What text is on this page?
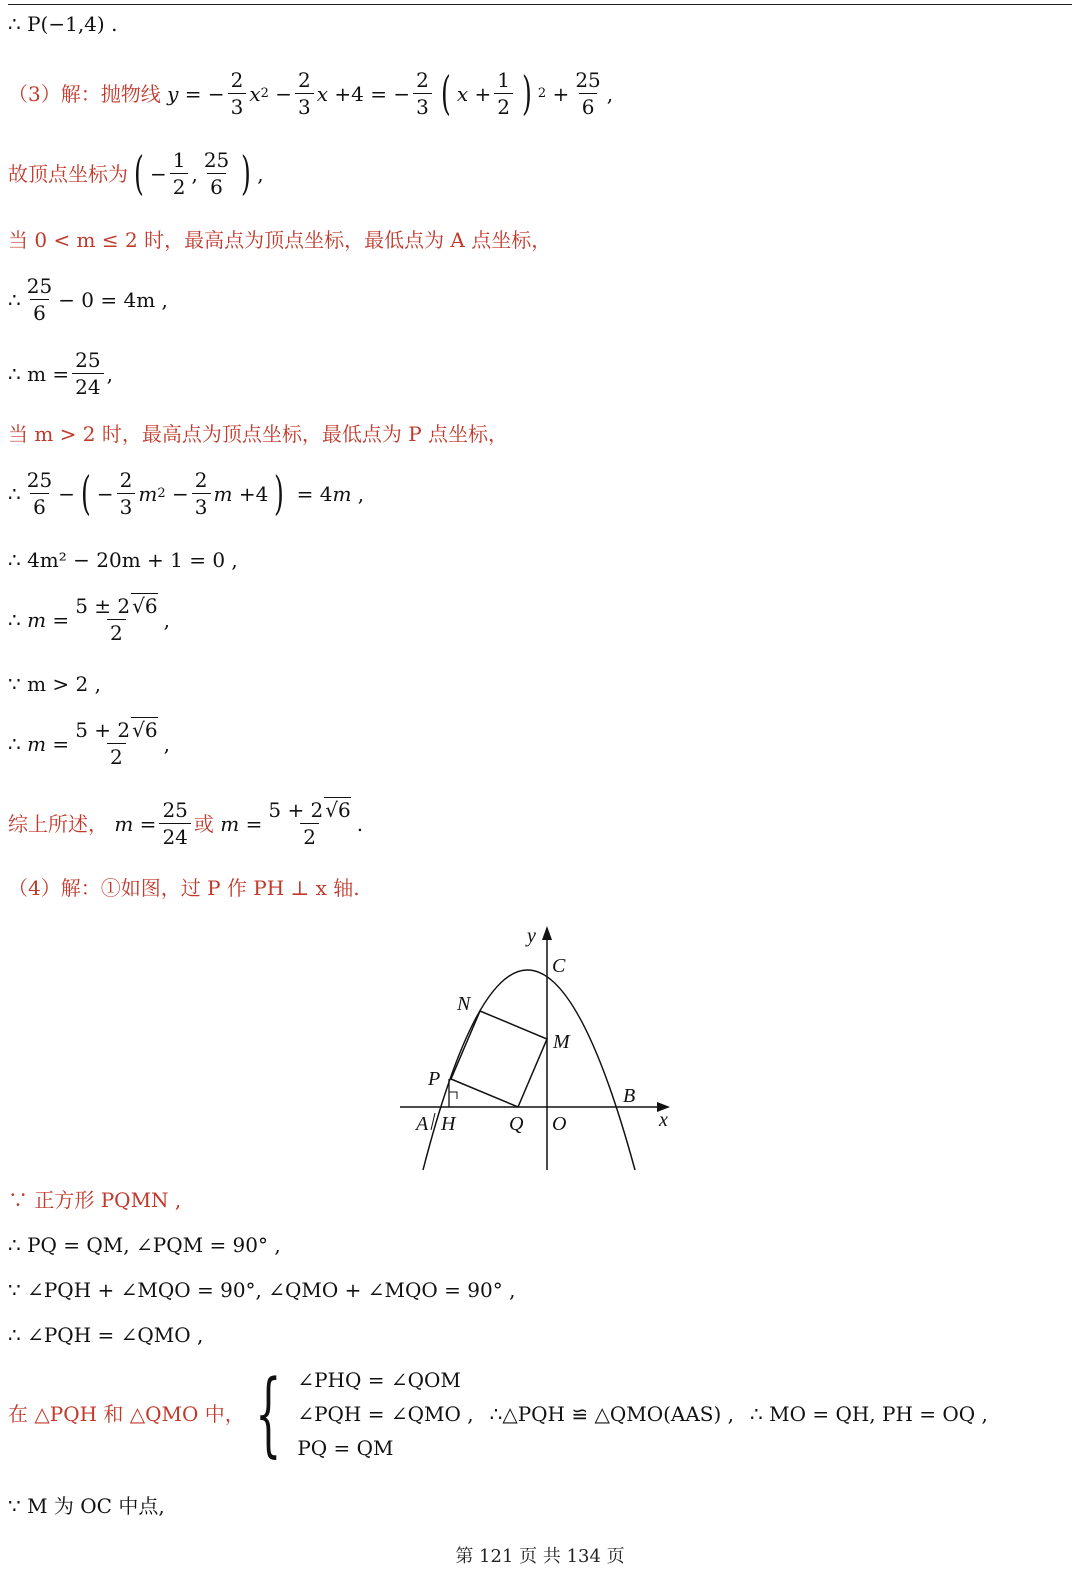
∴ P(−1,4) .
（3）解：抛物线 y = − $\frac{2}{3}$ x $2 - \frac{2}{3}$ x +4 = − $\frac{2}{3}$ ( $x + \frac{1}{2}$ ) $2 + \frac{25}{6}$ ,
故顶点坐标为 ( − $\frac{1}{2}$ , $\frac{25}{6}$ ) ,
当 0 < m ≤ 2 时，最高点为顶点坐标，最低点为 A 点坐标，
∴ $\frac{25}{6} - 0 = 4m$ ,
∴ $m = \frac{25}{24}$ ,
当 m > 2 时，最高点为顶点坐标，最低点为 P 点坐标，
∴ $\frac{25}{6}$ − ( − $\frac{2}{3}$ m $2 - \frac{2}{3}$ m +4 ) = 4 m ,
∴ 4m² − 20m + 1 = 0 ,
∴ $m = \frac{5 \pm 2 √6}{2}$ ,
∵ m > 2 ,
∴ $m = \frac{5 + 2 √6}{2}$ ,
综上所述， $m = \frac{25}{24}$ 或 $m = \frac{5 + 2 √6}{2}$ .
（4）解：①如图，过 P 作 PH ⊥ x 轴.
y
x
C
N
M
P
B
A H	Q O
∵ 正方形 PQMN ,
∴ PQ = QM, ∠PQM = 90° ,
∵ ∠PQH + ∠MQO = 90°, ∠QMO + ∠MQO = 90° ,
∴ ∠PQH = ∠QMO ,
在 △PQH 和 △QMO 中， { ∠PHQ = ∠QOM
∠PQH = ∠QMO ,
PQ = QM
∴△PQH ≌ △QMO(AAS) , ∴ MO = QH, PH = OQ ,
∵ M 为 OC 中点,
第 121 页 共 134 页
